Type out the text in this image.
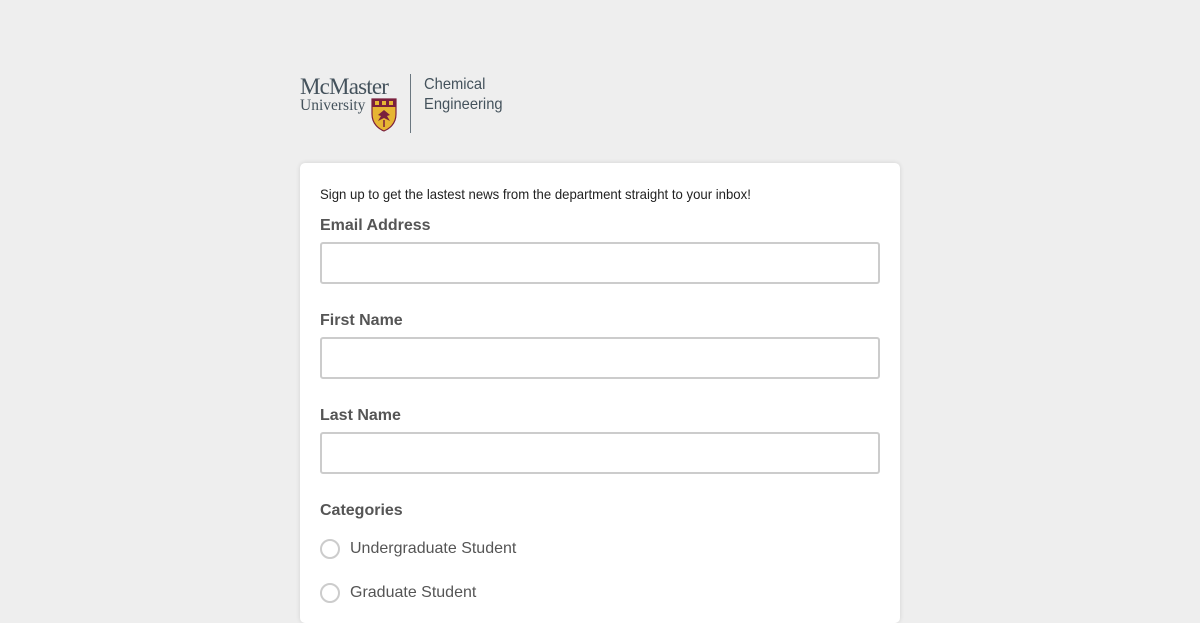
McMaster
University
Chemical
Engineering
Sign up to get the lastest news from the department straight to your inbox!
Email Address
First Name
Last Name
Categories
Undergraduate Student
Graduate Student
